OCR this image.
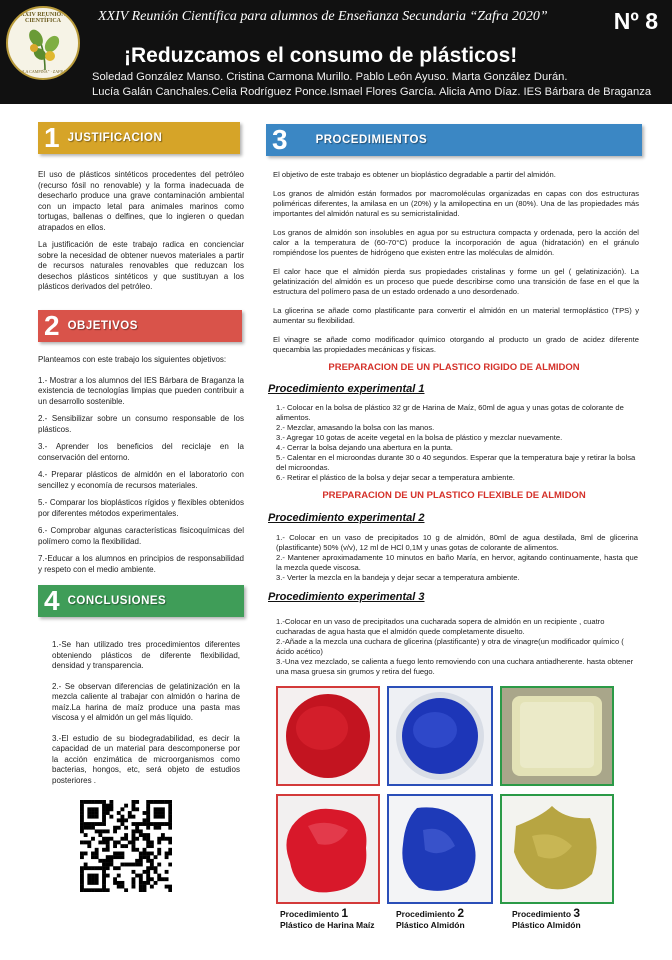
XXIV REUNIÓN CIENTÍFICA
I.E.S. “LA CAMPIÑA” · ZAFRA 2020
XXIV Reunión Científica para alumnos de Enseñanza Secundaria “Zafra 2020”	Nº 8
¡Reduzcamos el consumo de plásticos!
Soledad González Manso. Cristina Carmona Murillo. Pablo León Ayuso. Marta González Durán.
Lucía Galán Canchales.Celia Rodríguez Ponce.Ismael Flores García. Alicia Amo Díaz. IES Bárbara de Braganza
1 JUSTIFICACION

El uso de plásticos sintéticos procedentes del petróleo (recurso fósil no renovable) y la forma inadecuada de desecharlo produce una grave contaminación ambiental con un impacto letal para animales marinos como tortugas, ballenas o delfines, que lo ingieren o quedan atrapados en ellos.

La justificación de este trabajo radica en concienciar sobre la necesidad de obtener nuevos materiales a partir de recursos naturales renovables que reduzcan los desechos plásticos sintéticos y que sustituyan a los plásticos derivados del petróleo.

2 OBJETIVOS

Planteamos con este trabajo los siguientes objetivos:

1.- Mostrar a los alumnos del IES Bárbara de Braganza la existencia de tecnologías limpias que pueden contribuir a un desarrollo sostenible.
2.- Sensibilizar sobre un consumo responsable de los plásticos.
3.- Aprender los beneficios del reciclaje en la conservación del entorno.
4.- Preparar plásticos de almidón en el laboratorio con sencillez y economía de recursos materiales.
5.- Comparar los bioplásticos rígidos y flexibles obtenidos por diferentes métodos experimentales.
6.- Comprobar algunas características fisicoquímicas del polímero como la flexibilidad.
7.-Educar a los alumnos en principios de responsabilidad y respeto con el medio ambiente.
4 CONCLUSIONES
1.-Se han utilizado tres procedimientos diferentes obteniendo plásticos de diferente flexibilidad, densidad y transparencia.
2.- Se observan diferencias de gelatinización en la mezcla caliente al trabajar con almidón o harina de maíz.La harina de maíz produce una pasta mas viscosa y el almidón un gel más líquido.
3.-El estudio de su biodegradabilidad, es decir la capacidad de un material para descomponerse por la acción enzimática de microorganismos como bacterias, hongos, etc, será objeto de estudios posteriores .
3 PROCEDIMIENTOS

El objetivo de este trabajo es obtener un bioplástico degradable a partir del almidón.

Los granos de almidón están formados por macromoléculas organizadas en capas con dos estructuras poliméricas diferentes, la amilasa en un (20%) y la amilopectina en un (80%). Una de las propiedades más importantes del almidón natural es su semicristalinidad.

Los granos de almidón son insolubles en agua por su estructura compacta y ordenada, pero la acción del calor a la temperatura de (60-70°C) produce la incorporación de agua (hidratación) en el gránulo rompiéndose los puentes de hidrógeno que existen entre las moléculas de almidón.

El calor hace que el almidón pierda sus propiedades cristalinas y forme un gel ( gelatinización). La gelatinización del almidón es un proceso que puede describirse como una transición de fase en el que la estructura del polímero pasa de un estado ordenado a uno desordenado.

La glicerina se añade como plastificante para convertir el almidón en un material termoplástico (TPS) y aumentar su flexibilidad.

El vinagre se añade como modificador químico otorgando al producto un grado de acidez diferente quecambia las propiedades mecánicas y físicas.

PREPARACION DE UN PLASTICO RIGIDO DE ALMIDON
Procedimiento experimental 1
1.- Colocar en la bolsa de plástico 32 gr de Harina de Maíz, 60ml de agua y unas gotas de colorante de alimentos.
2.- Mezclar, amasando la bolsa con las manos.
3.- Agregar 10 gotas de aceite vegetal en la bolsa de plástico y mezclar nuevamente.
4.- Cerrar la bolsa dejando una abertura en la punta.
5.- Calentar en el microondas durante 30 o 40 segundos. Esperar que la temperatura baje y retirar la bolsa del microondas.
6.- Retirar el plástico de la bolsa y dejar secar a temperatura ambiente.
PREPARACION DE UN PLASTICO FLEXIBLE DE ALMIDON
Procedimiento experimental 2
1.- Colocar en un vaso de precipitados 10 g de almidón, 80ml de agua destilada, 8ml de glicerina (plastificante) 50% (v/v), 12 ml de HCl 0,1M y unas gotas de colorante de alimentos.
2.- Mantener aproximadamente 10 minutos en baño María, en hervor, agitando continuamente, hasta que la mezcla quede viscosa.
3.- Verter la mezcla en la bandeja y dejar secar a temperatura ambiente.
Procedimiento experimental 3
1.-Colocar en un vaso de precipitados una cucharada sopera de almidón en un recipiente , cuatro cucharadas de agua hasta que el almidón quede completamente disuelto.
2.-Añade a la mezcla una cuchara de glicerina (plastificante) y otra de vinagre(un modificador químico ( ácido acético)
3.-Una vez mezclado, se calienta a fuego lento removiendo con una cuchara antiadherente. hasta obtener una masa gruesa sin grumos y retira del fuego.
Procedimiento 1
Plástico de Harina Maíz
Procedimiento 2
Plástico Almidón
Procedimiento 3
Plástico Almidón
